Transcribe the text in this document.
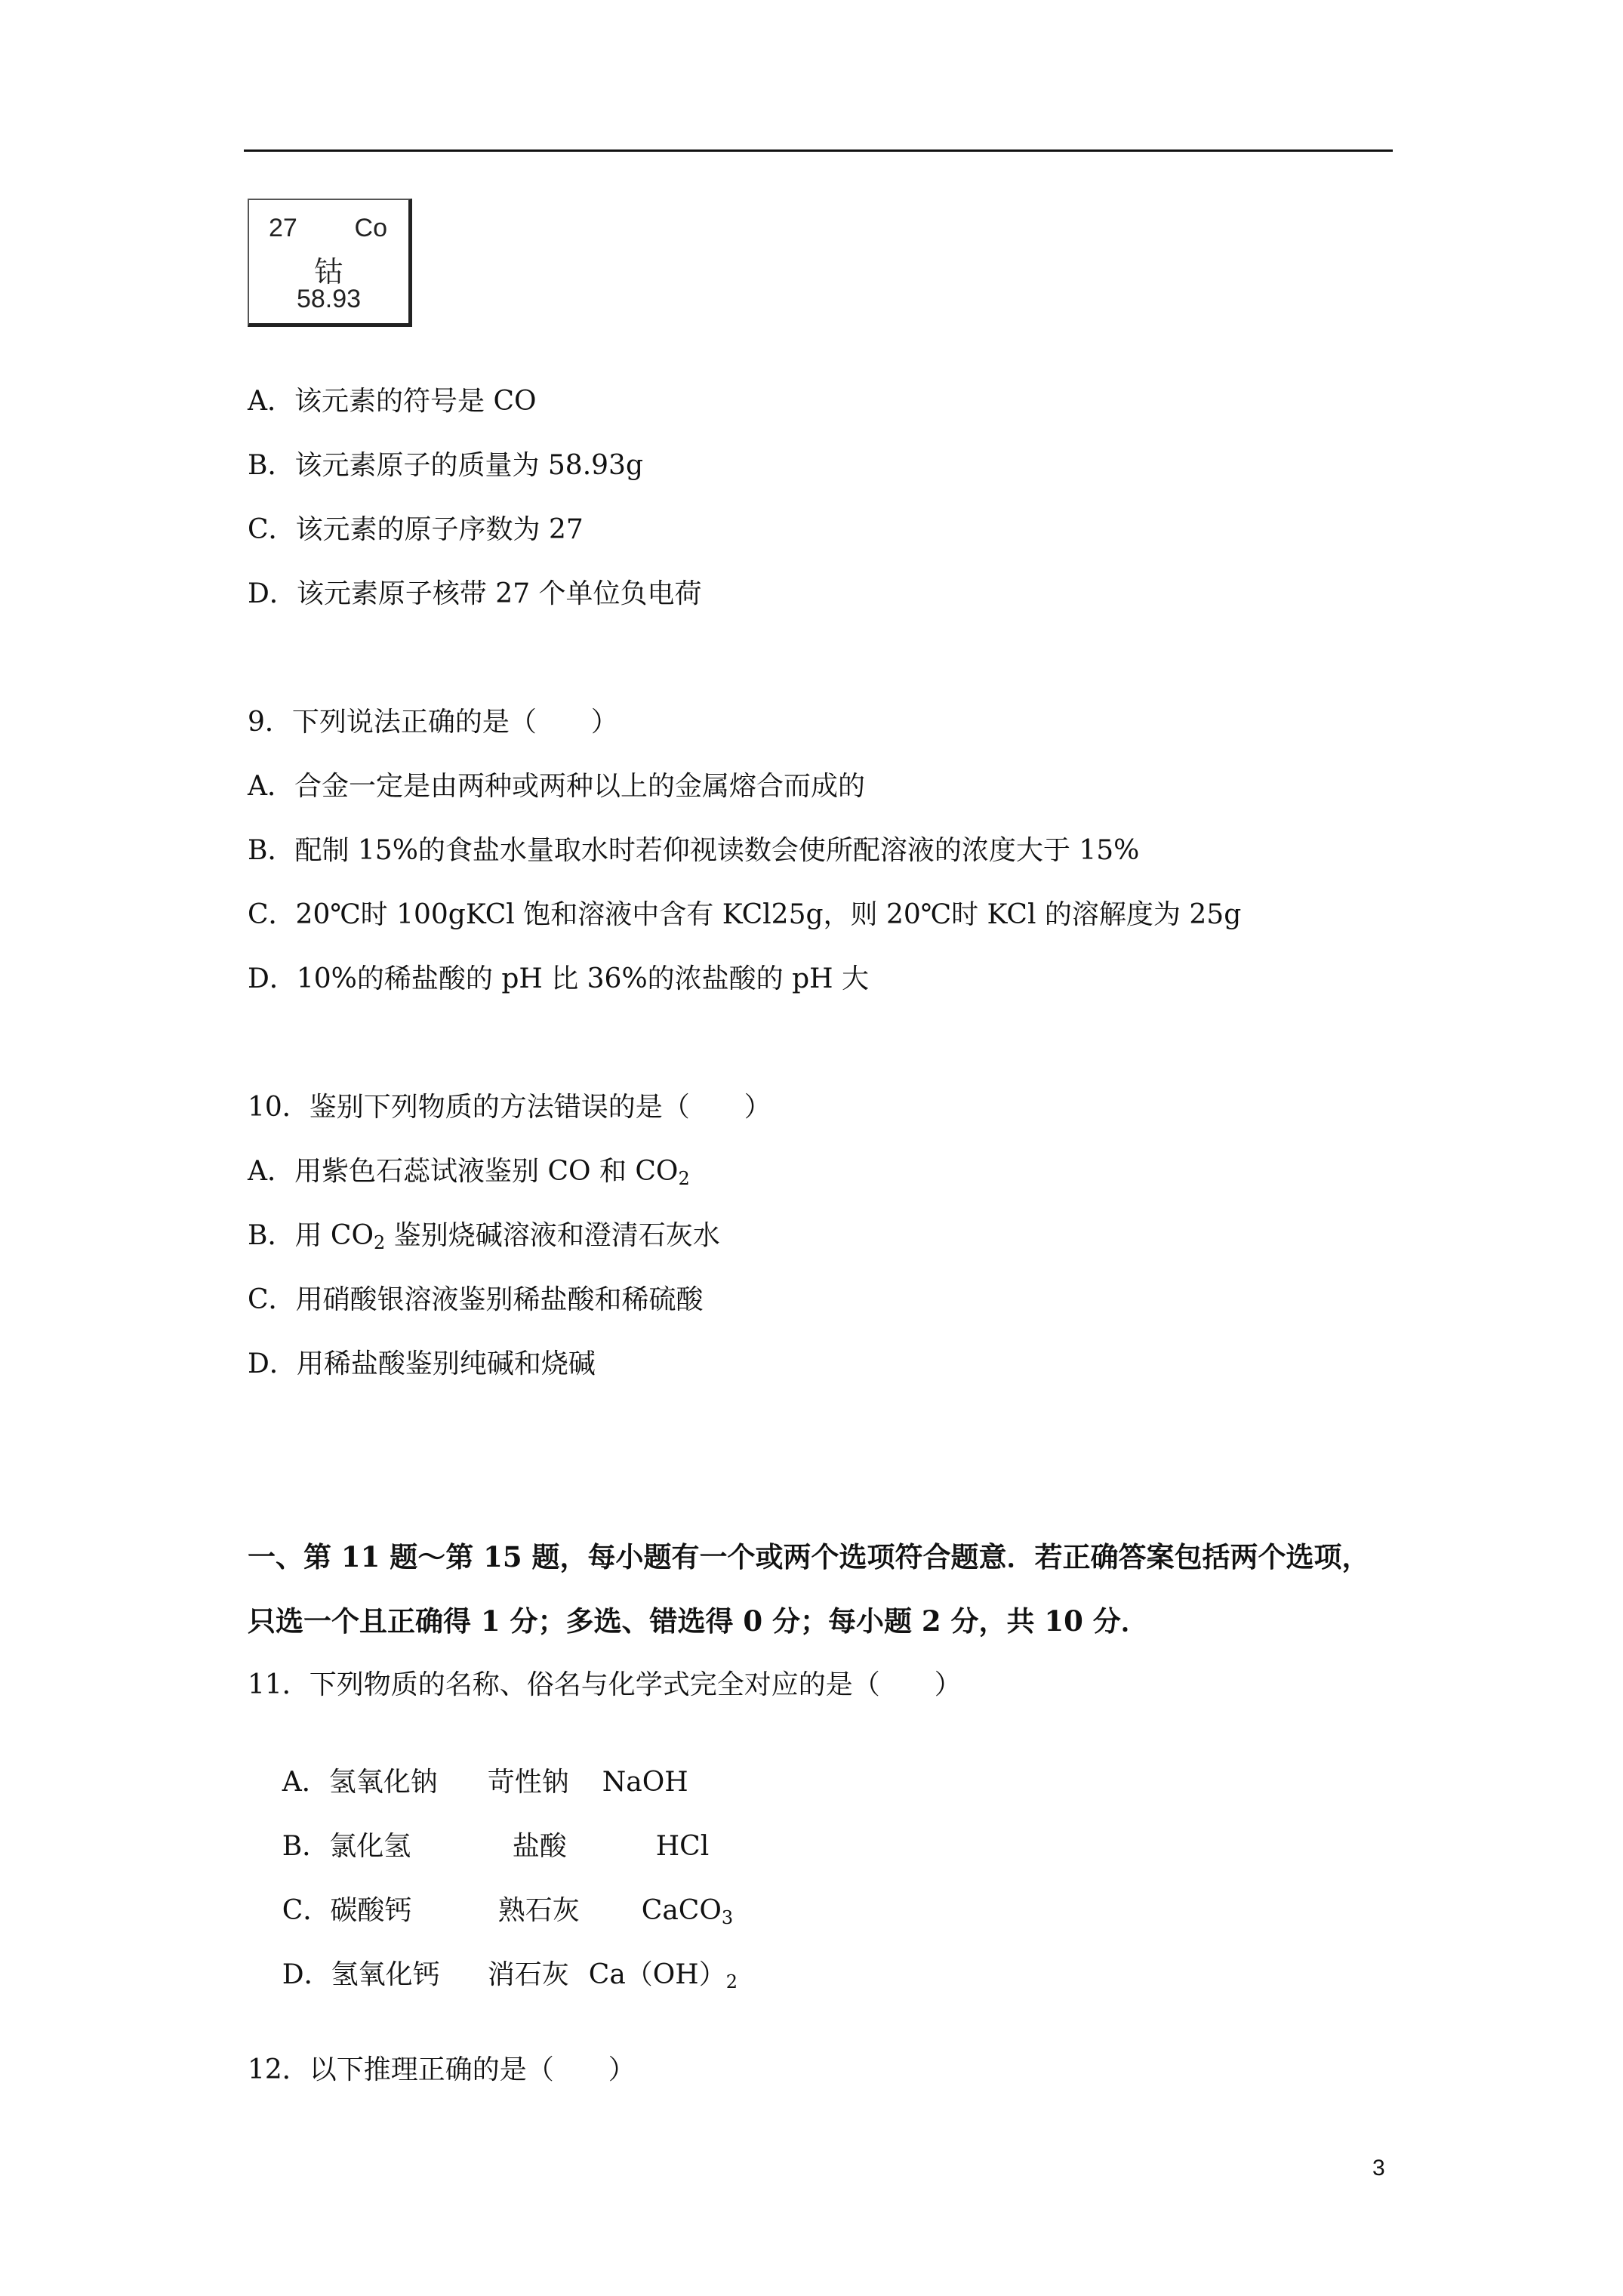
27 Co
钴
58.93
A．该元素的符号是 CO
B．该元素原子的质量为 58.93g
C．该元素的原子序数为 27
D．该元素原子核带 27 个单位负电荷
9．下列说法正确的是（　　）
A．合金一定是由两种或两种以上的金属熔合而成的
B．配制 15%的食盐水量取水时若仰视读数会使所配溶液的浓度大于 15%
C．20℃时 100gKCl 饱和溶液中含有 KCl25g，则 20℃时 KCl 的溶解度为 25g
D．10%的稀盐酸的 pH 比 36%的浓盐酸的 pH 大
10．鉴别下列物质的方法错误的是（　　）
A．用紫色石蕊试液鉴别 CO 和 $CO_2$
B．用 $CO_2$ 鉴别烧碱溶液和澄清石灰水
C．用硝酸银溶液鉴别稀盐酸和稀硫酸
D．用稀盐酸鉴别纯碱和烧碱
一、第 11 题～第 15 题，每小题有一个或两个选项符合题意．若正确答案包括两个选项，
只选一个且正确得 1 分；多选、错选得 0 分；每小题 2 分，共 10 分．
11．下列物质的名称、俗名与化学式完全对应的是（　　）

A．氢氧化钠 苛性钠 NaOH

B．氯化氢	盐酸	HCl

C．碳酸钙	熟石灰 CaCO$_3$

D．氢氧化钙 消石灰 $Ca(OH)_2$

12．以下推理正确的是（　　）
3
